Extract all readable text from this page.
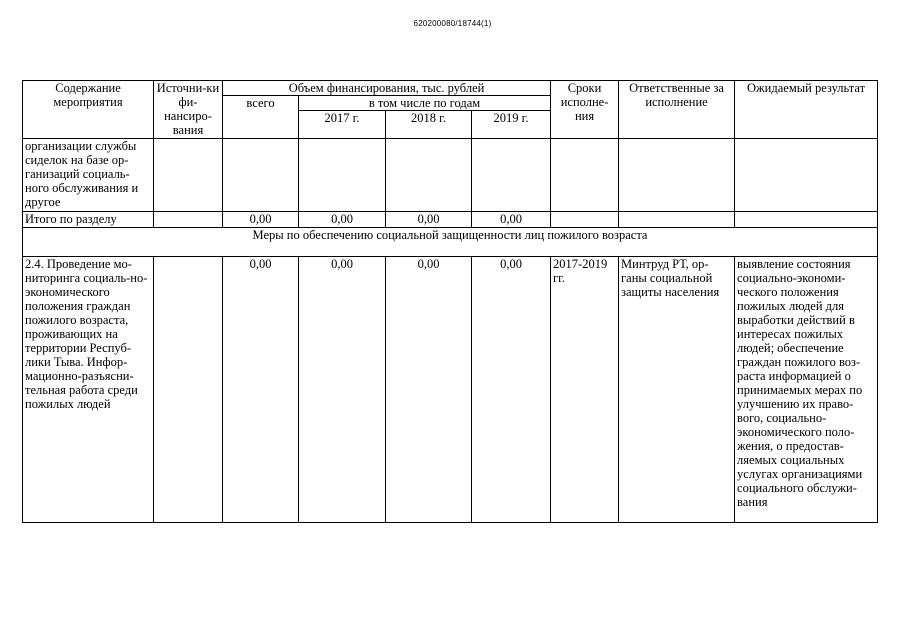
620200080/18744(1)
Содержание мероприятия	Источни-ки фи-нансиро-вания	Объем финансирования, тыс. рублей				Сроки исполне-ния	Ответственные за исполнение	Ожидаемый результат
		всего	в том числе по годам					
			2017 г.	2018 г.	2019 г.			
организации службы сиделок на базе ор-ганизаций социаль-ного обслуживания и другое								
Итого по разделу		0,00	0,00	0,00	0,00			
Меры по обеспечению социальной защищенности лиц пожилого возраста								
2.4. Проведение мо-ниторинга социаль-но-экономического положения граждан пожилого возраста, проживающих на территории Респуб-лики Тыва. Инфор-мационно-разъясни-тельная работа среди пожилых людей		0,00	0,00	0,00	0,00	2017-2019 гг.	Минтруд РТ, ор-ганы социальной защиты населения	выявление состояния социально-экономи-ческого положения пожилых людей для выработки действий в интересах пожилых людей; обеспечение граждан пожилого воз-раста информацией о принимаемых мерах по улучшению их право-вого, социально-экономического поло-жения, о предостав-ляемых социальных услугах организациями социального обслужи-вания
